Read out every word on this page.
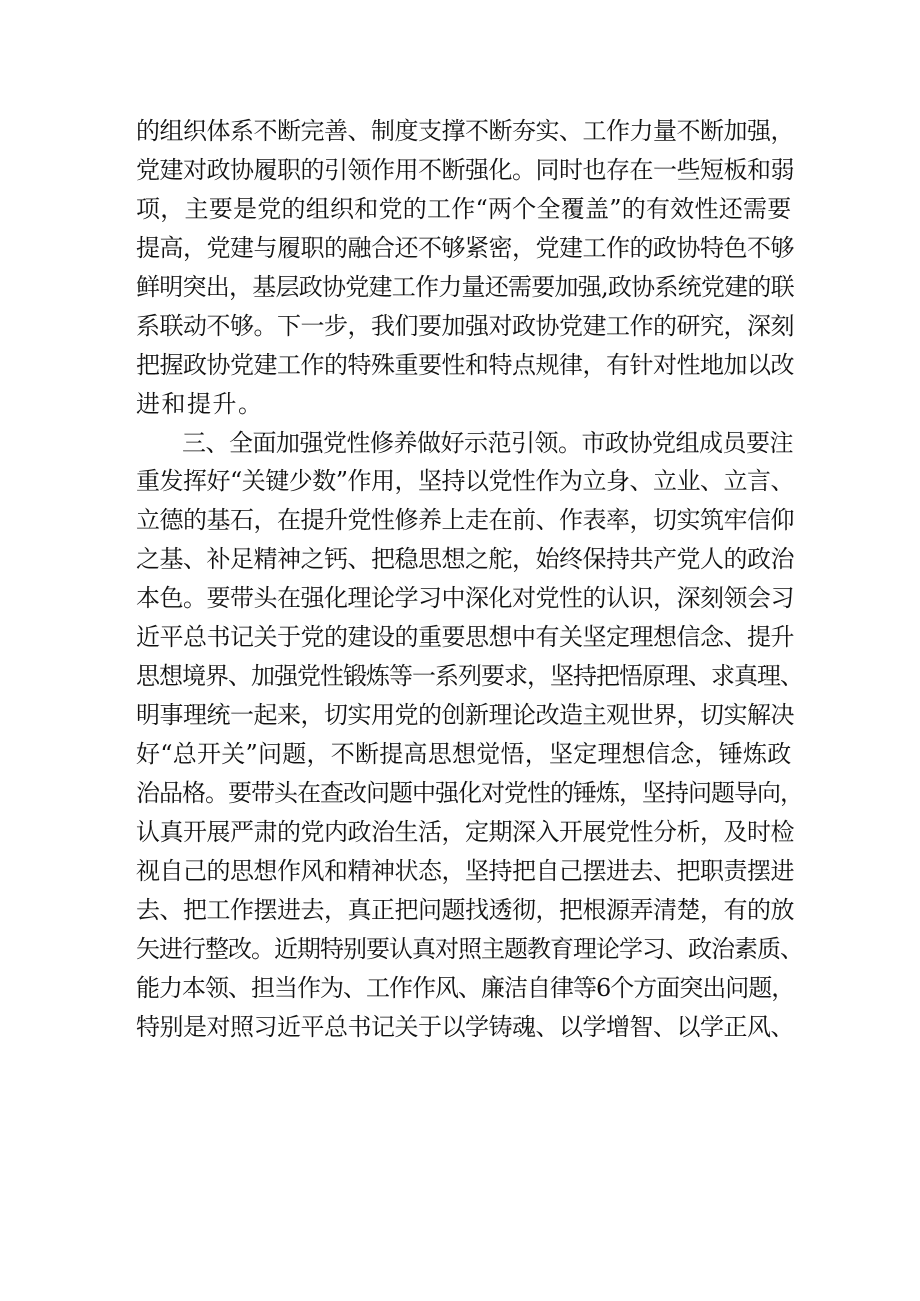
的组织体系不断完善、制度支撑不断夯实、工作力量不断加强，
党建对政协履职的引领作用不断强化。同时也存在一些短板和弱
项，主要是党的组织和党的工作“两个全覆盖”的有效性还需要
提高，党建与履职的融合还不够紧密，党建工作的政协特色不够
鲜明突出，基层政协党建工作力量还需要加强,政协系统党建的联
系联动不够。下一步，我们要加强对政协党建工作的研究，深刻
把握政协党建工作的特殊重要性和特点规律，有针对性地加以改
进和提升。
三、全面加强党性修养做好示范引领。市政协党组成员要注
重发挥好“关键少数”作用，坚持以党性作为立身、立业、立言、
立德的基石，在提升党性修养上走在前、作表率，切实筑牢信仰
之基、补足精神之钙、把稳思想之舵，始终保持共产党人的政治
本色。要带头在强化理论学习中深化对党性的认识，深刻领会习
近平总书记关于党的建设的重要思想中有关坚定理想信念、提升
思想境界、加强党性锻炼等一系列要求，坚持把悟原理、求真理、
明事理统一起来，切实用党的创新理论改造主观世界，切实解决
好“总开关”问题，不断提高思想觉悟，坚定理想信念，锤炼政
治品格。要带头在查改问题中强化对党性的锤炼，坚持问题导向，
认真开展严肃的党内政治生活，定期深入开展党性分析，及时检
视自己的思想作风和精神状态，坚持把自己摆进去、把职责摆进
去、把工作摆进去，真正把问题找透彻，把根源弄清楚，有的放
矢进行整改。近期特别要认真对照主题教育理论学习、政治素质、
能力本领、担当作为、工作作风、廉洁自律等6个方面突出问题，
特别是对照习近平总书记关于以学铸魂、以学增智、以学正风、
